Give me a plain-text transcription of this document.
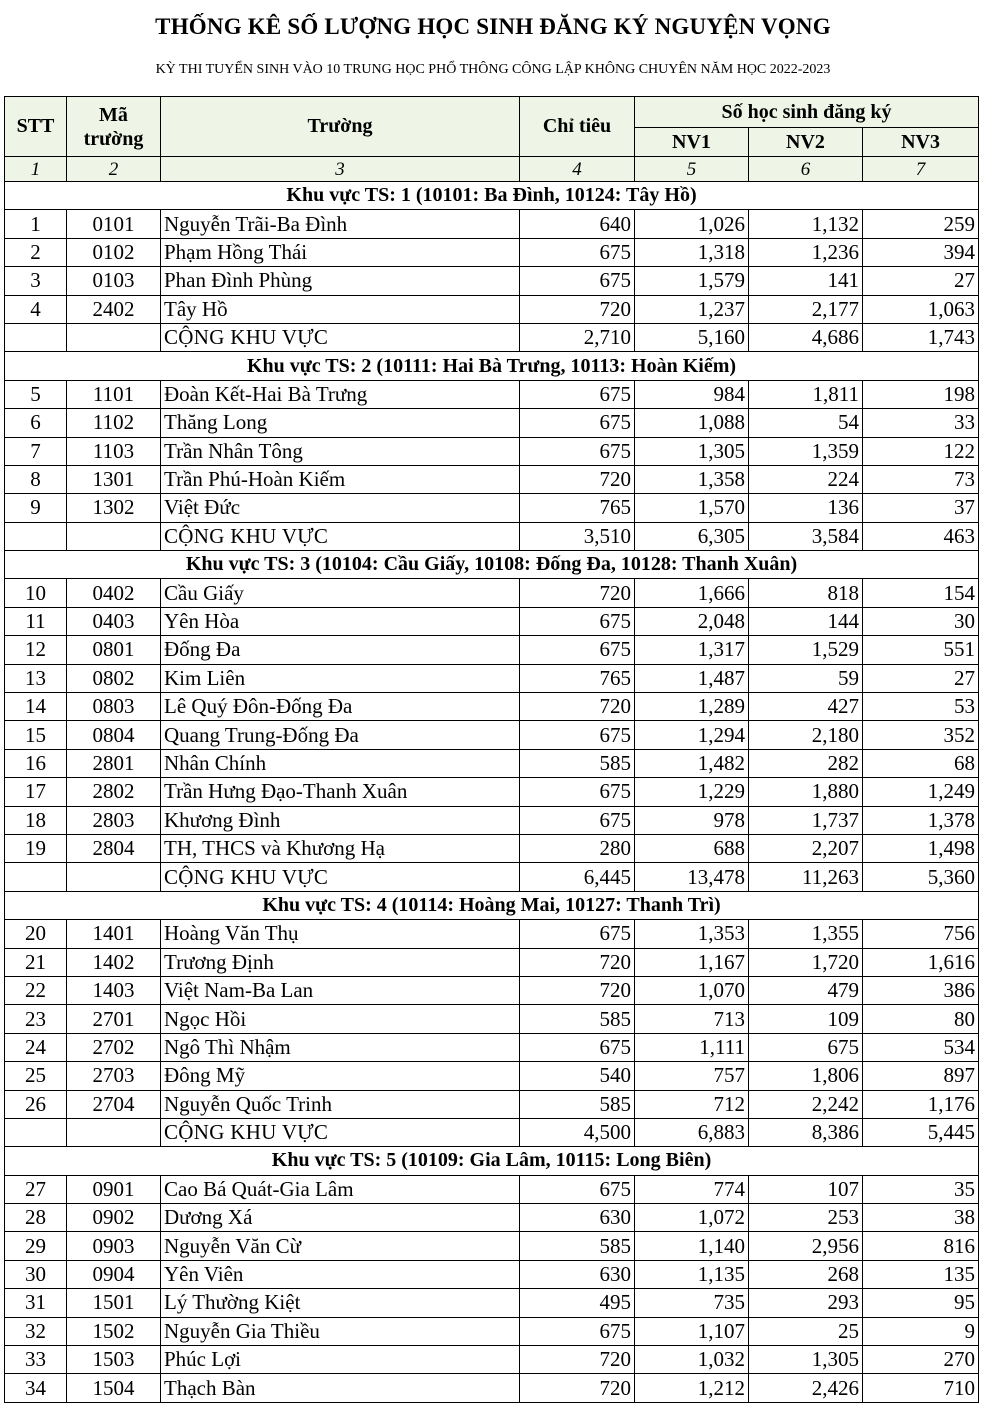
THỐNG KÊ SỐ LƯỢNG HỌC SINH ĐĂNG KÝ NGUYỆN VỌNG
KỲ THI TUYỂN SINH VÀO 10 TRUNG HỌC PHỔ THÔNG CÔNG LẬP KHÔNG CHUYÊN NĂM HỌC 2022-2023
STT	Mã trường	Trường	Chỉ tiêu	Số học sinh đăng ký		
				NV1	NV2	NV3
1	2	3	4	5	6	7
Khu vực TS: 1 (10101: Ba Đình, 10124: Tây Hồ)						
1	0101	Nguyễn Trãi-Ba Đình	640	1,026	1,132	259
2	0102	Phạm Hồng Thái	675	1,318	1,236	394
3	0103	Phan Đình Phùng	675	1,579	141	27
4	2402	Tây Hồ	720	1,237	2,177	1,063
		CỘNG KHU VỰC	2,710	5,160	4,686	1,743
Khu vực TS: 2 (10111: Hai Bà Trưng, 10113: Hoàn Kiếm)						
5	1101	Đoàn Kết-Hai Bà Trưng	675	984	1,811	198
6	1102	Thăng Long	675	1,088	54	33
7	1103	Trần Nhân Tông	675	1,305	1,359	122
8	1301	Trần Phú-Hoàn Kiếm	720	1,358	224	73
9	1302	Việt Đức	765	1,570	136	37
		CỘNG KHU VỰC	3,510	6,305	3,584	463
Khu vực TS: 3 (10104: Cầu Giấy, 10108: Đống Đa, 10128: Thanh Xuân)						
10	0402	Cầu Giấy	720	1,666	818	154
11	0403	Yên Hòa	675	2,048	144	30
12	0801	Đống Đa	675	1,317	1,529	551
13	0802	Kim Liên	765	1,487	59	27
14	0803	Lê Quý Đôn-Đống Đa	720	1,289	427	53
15	0804	Quang Trung-Đống Đa	675	1,294	2,180	352
16	2801	Nhân Chính	585	1,482	282	68
17	2802	Trần Hưng Đạo-Thanh Xuân	675	1,229	1,880	1,249
18	2803	Khương Đình	675	978	1,737	1,378
19	2804	TH, THCS và Khương Hạ	280	688	2,207	1,498
		CỘNG KHU VỰC	6,445	13,478	11,263	5,360
Khu vực TS: 4 (10114: Hoàng Mai, 10127: Thanh Trì)						
20	1401	Hoàng Văn Thụ	675	1,353	1,355	756
21	1402	Trương Định	720	1,167	1,720	1,616
22	1403	Việt Nam-Ba Lan	720	1,070	479	386
23	2701	Ngọc Hồi	585	713	109	80
24	2702	Ngô Thì Nhậm	675	1,111	675	534
25	2703	Đông Mỹ	540	757	1,806	897
26	2704	Nguyễn Quốc Trinh	585	712	2,242	1,176
		CỘNG KHU VỰC	4,500	6,883	8,386	5,445
Khu vực TS: 5 (10109: Gia Lâm, 10115: Long Biên)						
27	0901	Cao Bá Quát-Gia Lâm	675	774	107	35
28	0902	Dương Xá	630	1,072	253	38
29	0903	Nguyễn Văn Cừ	585	1,140	2,956	816
30	0904	Yên Viên	630	1,135	268	135
31	1501	Lý Thường Kiệt	495	735	293	95
32	1502	Nguyễn Gia Thiều	675	1,107	25	9
33	1503	Phúc Lợi	720	1,032	1,305	270
34	1504	Thạch Bàn	720	1,212	2,426	710
